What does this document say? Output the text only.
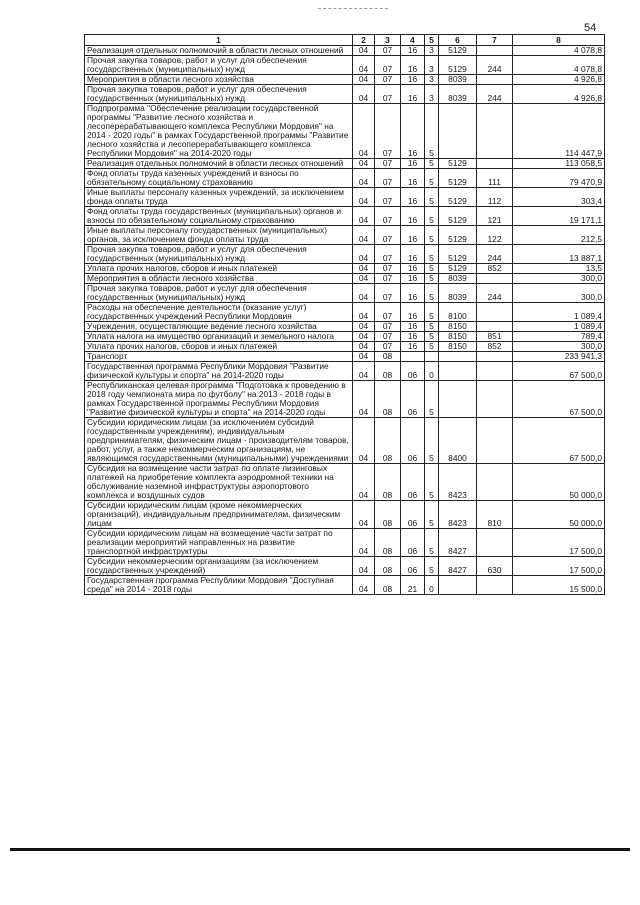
54
1	2	3	4	5	6	7	8
Реализация отдельных полномочий в области лесных отношений	04	07	16	3	5129		4 078,8
Прочая закупка товаров, работ и услуг для обеспечения государственных (муниципальных) нужд	04	07	16	3	5129	244	4 078,8
Мероприятия в области лесного хозяйства	04	07	16	3	8039		4 926,8
Прочая закупка товаров, работ и услуг для обеспечения государственных (муниципальных) нужд	04	07	16	3	8039	244	4 926,8
Подпрограмма "Обеспечение реализации государственной программы "Развитие лесного хозяйства и лесоперерабатывающего комплекса Республики Мордовия" на 2014 - 2020 годы" в рамках Государственной программы "Развитие лесного хозяйства и лесоперерабатывающего комплекса Республики Мордовия" на 2014-2020 годы	04	07	16	5			114 447,9
Реализация отдельных полномочий в области лесных отношений	04	07	16	5	5129		113 058,5
Фонд оплаты труда казенных учреждений и взносы по обязательному социальному страхованию	04	07	16	5	5129	111	79 470,9
Иные выплаты персоналу казенных учреждений, за исключением фонда оплаты труда	04	07	16	5	5129	112	303,4
Фонд оплаты труда государственных (муниципальных) органов и взносы по обязательному социальному страхованию	04	07	16	5	5129	121	19 171,1
Иные выплаты персоналу государственных (муниципальных) органов, за исключением фонда оплаты труда	04	07	16	5	5129	122	212,5
Прочая закупка товаров, работ и услуг для обеспечения государственных (муниципальных) нужд	04	07	16	5	5129	244	13 887,1
Уплата прочих налогов, сборов и иных платежей	04	07	16	5	5129	852	13,5
Мероприятия в области лесного хозяйства	04	07	16	5	8039		300,0
Прочая закупка товаров, работ и услуг для обеспечения государственных (муниципальных) нужд	04	07	16	5	8039	244	300,0
Расходы на обеспечение деятельности (оказание услуг) государственных учреждений Республики Мордовия	04	07	16	5	8100		1 089,4
Учреждения, осуществляющие ведение лесного хозяйства	04	07	16	5	8150		1 089,4
Уплата налога на имущество организаций и земельного налога	04	07	16	5	8150	851	789,4
Уплата прочих налогов, сборов и иных платежей	04	07	16	5	8150	852	300,0
Транспорт	04	08					233 941,3
Государственная программа Республики Мордовия "Развитие физической культуры и спорта" на 2014-2020 годы	04	08	06	0			67 500,0
Республиканская целевая программа "Подготовка к проведению в 2018 году чемпионата мира по футболу" на 2013 - 2018 годы в рамках Государственной программы Республики Мордовия "Развитие физической культуры и спорта" на 2014-2020 годы	04	08	06	5			67 500,0
Субсидии юридическим лицам (за исключением субсидий государственным учреждениям), индивидуальным предпринимателям, физическим лицам - производителям товаров, работ, услуг, а также некоммерческим организациям, не являющимся государственными (муниципальными) учреждениями	04	08	06	5	8400		67 500,0
Субсидия на возмещение части затрат по оплате лизинговых платежей на приобретение комплекта аэродромной техники на обслуживание наземной инфраструктуры аэропортового комплекса и воздушных судов	04	08	06	5	8423		50 000,0
Субсидии юридическим лицам (кроме некоммерческих организаций), индивидуальным предпринимателям, физическим лицам	04	08	06	5	8423	810	50 000,0
Субсидии юридическим лицам на возмещение части затрат по реализации мероприятий направленных на развитие транспортной инфраструктуры	04	08	06	5	8427		17 500,0
Субсидии некоммерческим организациям (за исключением государственных учреждений)	04	08	06	5	8427	630	17 500,0
Государственная программа Республики Мордовия "Доступная среда" на 2014 - 2018 годы	04	08	21	0			15 500,0
